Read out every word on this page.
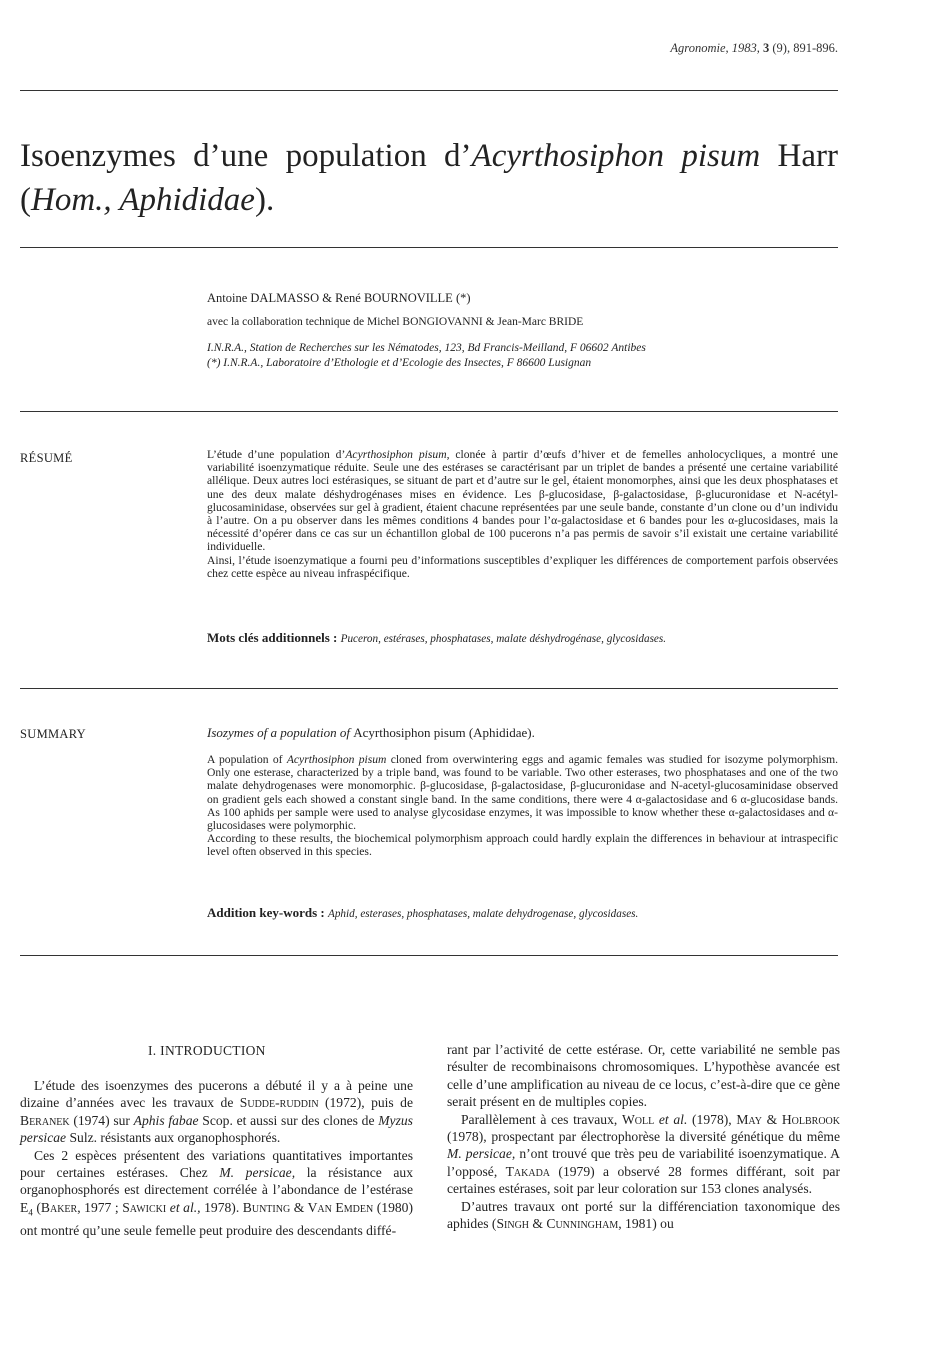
Agronomie, 1983, 3 (9), 891-896.
Isoenzymes d’une population d’Acyrthosiphon pisum Harr (Hom., Aphididae).
Antoine DALMASSO & René BOURNOVILLE (*)
avec la collaboration technique de Michel BONGIOVANNI & Jean-Marc BRIDE
I.N.R.A., Station de Recherches sur les Nématodes, 123, Bd Francis-Meilland, F 06602 Antibes
(*) I.N.R.A., Laboratoire d’Ethologie et d’Ecologie des Insectes, F 86600 Lusignan
RÉSUMÉ	L’étude d’une population d’Acyrthosiphon pisum, clonée à partir d’œufs d’hiver et de femelles anholocycliques, a montré une variabilité isoenzymatique réduite. Seule une des estérases se caractérisant par un triplet de bandes a présenté une certaine variabilité allélique. Deux autres loci estérasiques, se situant de part et d’autre sur le gel, étaient monomorphes, ainsi que les deux phosphatases et une des deux malate déshydrogénases mises en évidence. Les β-glucosidase, β-galactosidase, β-glucuronidase et N-acétyl-glucosaminidase, observées sur gel à gradient, étaient chacune représentées par une seule bande, constante d’un clone ou d’un individu à l’autre. On a pu observer dans les mêmes conditions 4 bandes pour l’α-galactosidase et 6 bandes pour les α-glucosidases, mais la nécessité d’opérer dans ce cas sur un échantillon global de 100 pucerons n’a pas permis de savoir s’il existait une certaine variabilité individuelle.

Ainsi, l’étude isoenzymatique a fourni peu d’informations susceptibles d’expliquer les différences de comportement parfois observées chez cette espèce au niveau infraspécifique.

Mots clés additionnels : Puceron, estérases, phosphatases, malate déshydrogénase, glycosidases.
SUMMARY	Isozymes of a population of Acyrthosiphon pisum (Aphididae).

A population of Acyrthosiphon pisum cloned from overwintering eggs and agamic females was studied for isozyme polymorphism. Only one esterase, characterized by a triple band, was found to be variable. Two other esterases, two phosphatases and one of the two malate dehydrogenases were monomorphic. β-glucosidase, β-galactosidase, β-glucuronidase and N-acetyl-glucosaminidase observed on gradient gels each showed a constant single band. In the same conditions, there were 4 α-galactosidase and 6 α-glucosidase bands. As 100 aphids per sample were used to analyse glycosidase enzymes, it was impossible to know whether these α-galactosidases and α-glucosidases were polymorphic.

According to these results, the biochemical polymorphism approach could hardly explain the differences in behaviour at intraspecific level often observed in this species.

Addition key-words : Aphid, esterases, phosphatases, malate dehydrogenase, glycosidases.
I. INTRODUCTION

L’étude des isoenzymes des pucerons a débuté il y a à peine une dizaine d’années avec les travaux de Sudde-ruddin (1972), puis de Beranek (1974) sur Aphis fabae Scop. et aussi sur des clones de Myzus persicae Sulz. résistants aux organophosphorés.

Ces 2 espèces présentent des variations quantitatives importantes pour certaines estérases. Chez M. persicae, la résistance aux organophosphorés est directement corrélée à l’abondance de l’estérase $E_4$ (Baker, 1977 ; Sawicki et al., 1978). Bunting & Van Emden (1980) ont montré qu’une seule femelle peut produire des descendants diffé-

rant par l’activité de cette estérase. Or, cette variabilité ne semble pas résulter de recombinaisons chromosomiques. L’hypothèse avancée est celle d’une amplification au niveau de ce locus, c’est-à-dire que ce gène serait présent en de multiples copies.

Parallèlement à ces travaux, Woll et al. (1978), May & Holbrook (1978), prospectant par électrophorèse la diversité génétique du même M. persicae, n’ont trouvé que très peu de variabilité isoenzymatique. A l’opposé, Takada (1979) a observé 28 formes différant, soit par certaines estérases, soit par leur coloration sur 153 clones analysés.

D’autres travaux ont porté sur la différenciation taxonomique des aphides (Singh & Cunningham, 1981) ou
